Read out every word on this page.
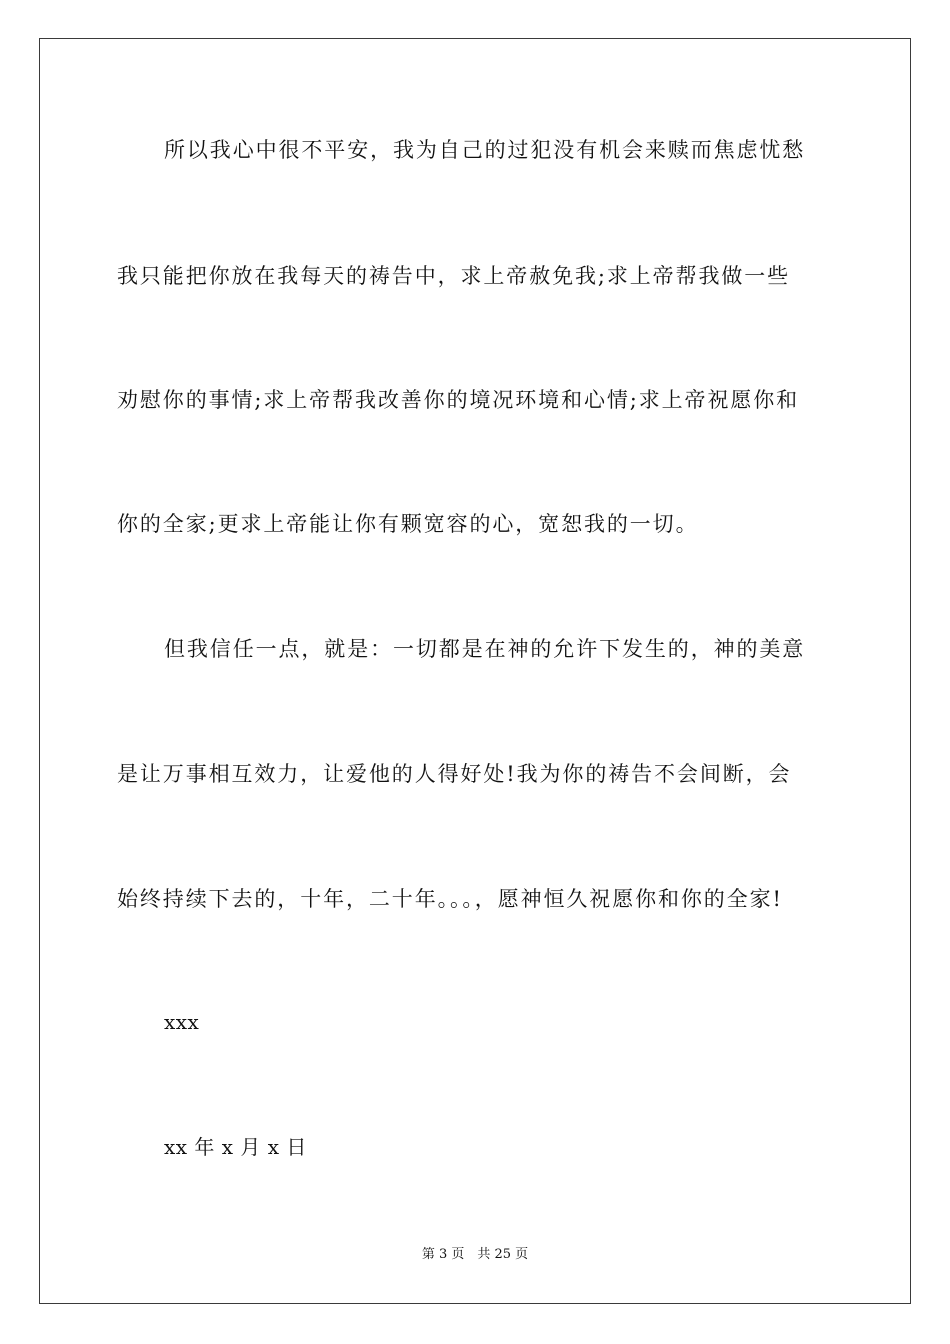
所以我心中很不平安，我为自己的过犯没有机会来赎而焦虑忧愁
我只能把你放在我每天的祷告中，求上帝赦免我;求上帝帮我做一些
劝慰你的事情;求上帝帮我改善你的境况环境和心情;求上帝祝愿你和
你的全家;更求上帝能让你有颗宽容的心，宽恕我的一切。
但我信任一点，就是：一切都是在神的允许下发生的，神的美意
是让万事相互效力，让爱他的人得好处!我为你的祷告不会间断，会
始终持续下去的，十年，二十年。。。，愿神恒久祝愿你和你的全家!
xxx
xx 年 x 月 x 日
第 3 页　共 25 页
